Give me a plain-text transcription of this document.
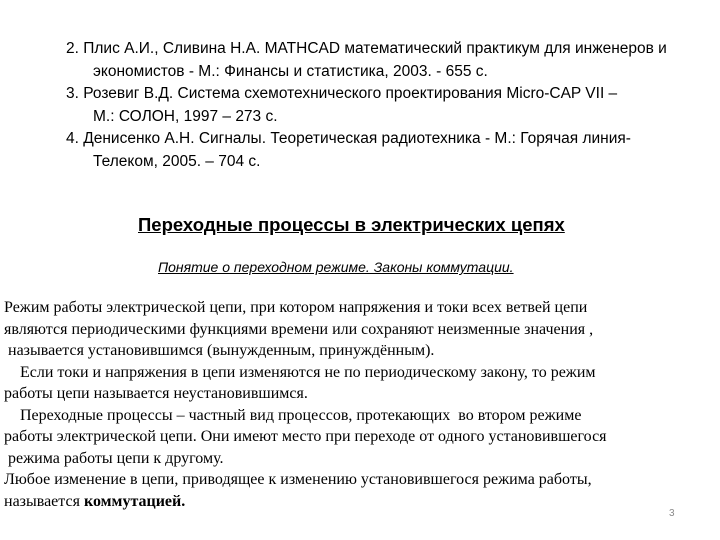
2. Плис А.И., Сливина Н.А. MATHCAD математический практикум для инженеров и
экономистов - М.: Финансы и статистика, 2003. - 655 с.
3. Розевиг В.Д. Система схемотехнического проектирования Micro-CAP VII –
М.: СОЛОН, 1997 – 273 с.
4. Денисенко А.Н. Сигналы. Теоретическая радиотехника - М.: Горячая линия-
Телеком, 2005. – 704 с.
Переходные процессы в электрических цепях
Понятие о переходном режиме. Законы коммутации.
Режим работы электрической цепи, при котором напряжения и токи всех ветвей цепи
являются периодическими функциями времени или сохраняют неизменные значения ,
называется установившимся (вынужденным, принуждённым).
Если токи и напряжения в цепи изменяются не по периодическому закону, то режим
работы цепи называется неустановившимся.
Переходные процессы – частный вид процессов, протекающих  во втором режиме
работы электрической цепи. Они имеют место при переходе от одного установившегося
режима работы цепи к другому.
Любое изменение в цепи, приводящее к изменению установившегося режима работы,
называется коммутацией.
3
